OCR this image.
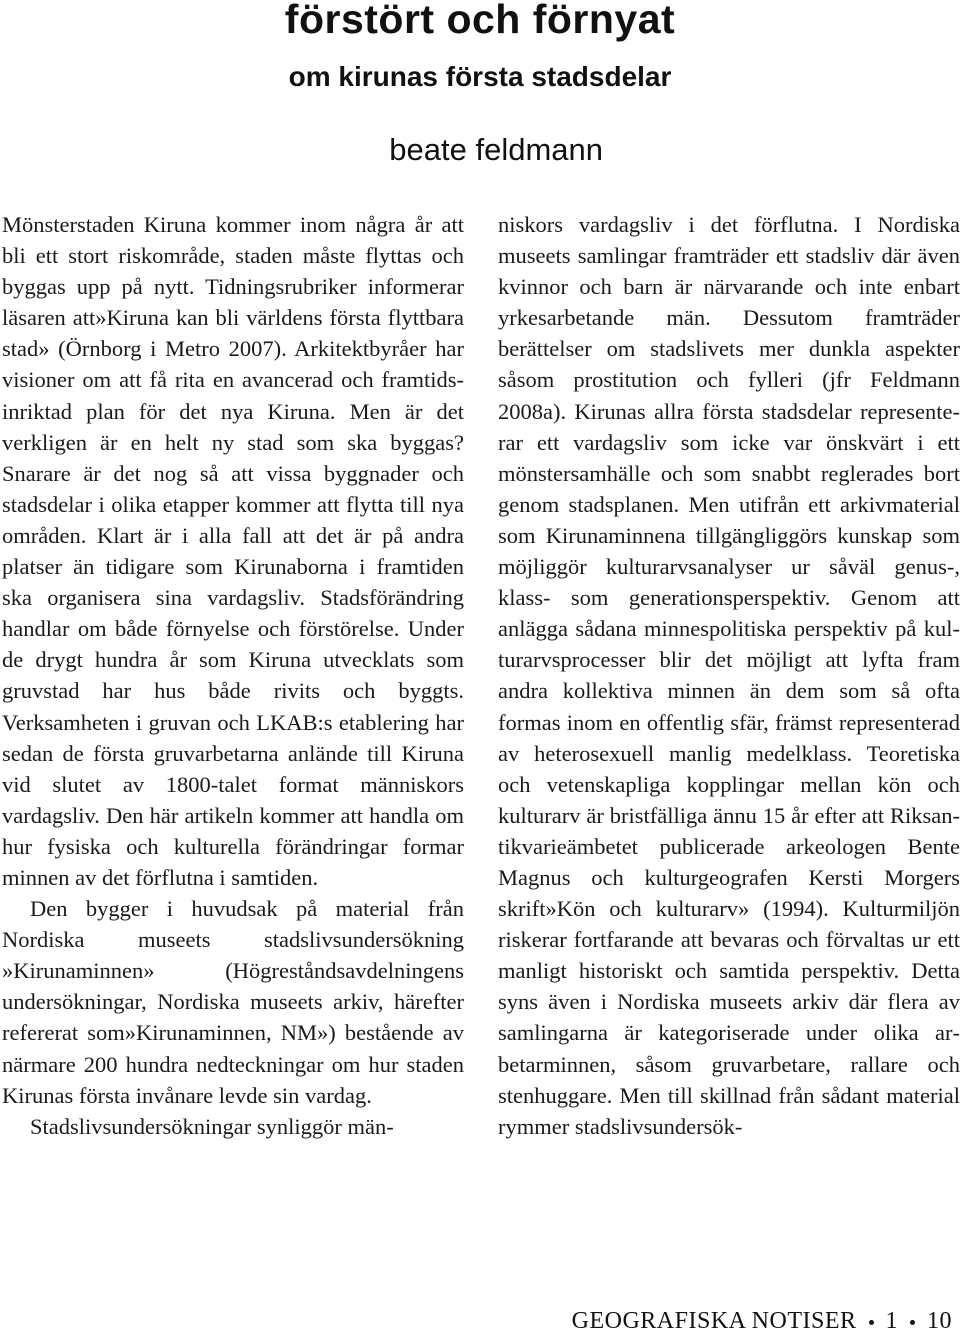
förstört och förnyat
om kirunas första stadsdelar
beate feldmann

Mönsterstaden Kiruna kommer inom några år att bli ett stort riskområde, staden måste flyttas och byggas upp på nytt. Tidningsrubriker informerar läsaren att»Kiruna kan bli världens första flyttbara stad» (Örnborg i Metro 2007). Arkitektbyråer har visioner om att få rita en avancerad och framtidsinriktad plan för det nya Kiruna. Men är det verkligen är en helt ny stad som ska byggas? Snarare är det nog så att vissa byggnader och stadsdelar i olika etapper kommer att flytta till nya områden. Klart är i alla fall att det är på andra platser än tidigare som Kirunaborna i framtiden ska organisera sina vardagsliv. Stadsförändring handlar om både förnyelse och förstörelse. Under de drygt hundra år som Kiruna utvecklats som gruvstad har hus både rivits och byggts. Verksamheten i gruvan och LKAB:s etablering har sedan de första gruvarbetarna anlände till Kiruna vid slutet av 1800-talet format människors vardagsliv. Den här artikeln kommer att handla om hur fysiska och kulturella förändringar formar minnen av det förflutna i samtiden.

Den bygger i huvudsak på material från Nordiska museets stadslivsundersökning »Kirunaminnen» (Högreståndsavdelningens undersökningar, Nordiska museets arkiv, härefter refererat som»Kirunaminnen, NM») bestående av närmare 200 hundra nedteckningar om hur staden Kirunas första invånare levde sin vardag.

Stadslivsundersökningar synliggör män-

niskors vardagsliv i det förflutna. I Nordiska museets samlingar framträder ett stadsliv där även kvinnor och barn är närvarande och inte enbart yrkesarbetande män. Dessutom framträder berättelser om stadslivets mer dunkla aspekter såsom prostitution och fylleri (jfr Feldmann 2008a). Kirunas allra första stadsdelar representerar ett vardagsliv som icke var önskvärt i ett mönstersamhälle och som snabbt reglerades bort genom stadsplanen. Men utifrån ett arkivmaterial som Kirunaminnena tillgängliggörs kunskap som möjliggör kulturarvsanalyser ur såväl genus-, klass- som generationsperspektiv. Genom att anlägga sådana minnespolitiska perspektiv på kulturarvsprocesser blir det möjligt att lyfta fram andra kollektiva minnen än dem som så ofta formas inom en offentlig sfär, främst representerad av heterosexuell manlig medelklass. Teoretiska och vetenskapliga kopplingar mellan kön och kulturarv är bristfälliga ännu 15 år efter att Riksantikvarieämbetet publicerade arkeologen Bente Magnus och kulturgeografen Kersti Morgers skrift»Kön och kulturarv» (1994). Kulturmiljön riskerar fortfarande att bevaras och förvaltas ur ett manligt historiskt och samtida perspektiv. Detta syns även i Nordiska museets arkiv där flera av samlingarna är kategoriserade under olika arbetarminnen, såsom gruvarbetare, rallare och stenhuggare. Men till skillnad från sådant material rymmer stadslivsundersök-

GEOGRAFISKA NOTISER 1 10
